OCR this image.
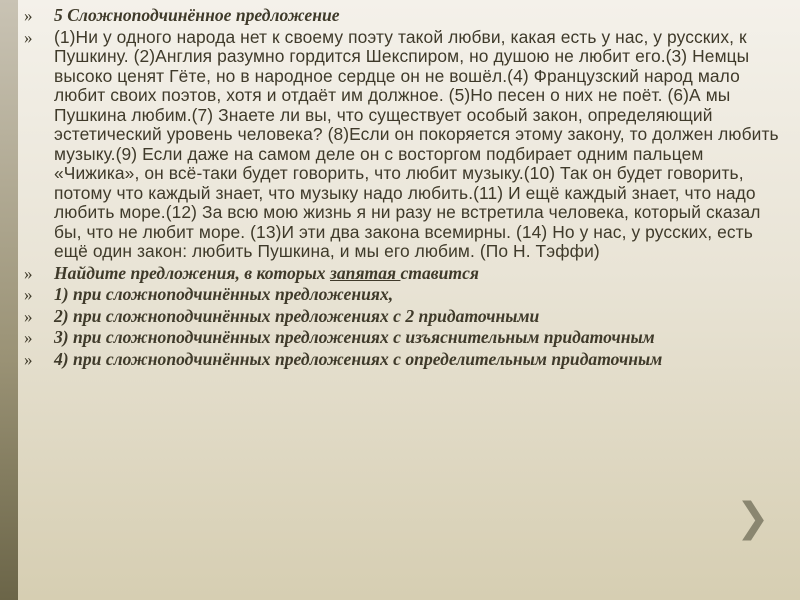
» 5 Сложноподчинённое предложение
» (1)Ни у одного народа нет к своему поэту такой любви, какая есть у нас, у русских, к Пушкину. (2)Англия разумно гордится Шекспиром, но душою не любит его.(3) Немцы высоко ценят Гёте, но в народное сердце он не вошёл.(4) Французский народ мало любит своих поэтов, хотя и отдаёт им должное. (5)Но песен о них не поёт. (6)А мы Пушкина любим.(7) Знаете ли вы, что существует особый закон, определяющий эстетический уровень человека? (8)Если он покоряется этому закону, то должен любить музыку.(9) Если даже на самом деле он с восторгом подбирает одним пальцем «Чижика», он всё-таки будет говорить, что любит музыку.(10) Так он будет говорить, потому что каждый знает, что музыку надо любить.(11) И ещё каждый знает, что надо любить море.(12) За всю мою жизнь я ни разу не встретила человека, который сказал бы, что не любит море. (13)И эти два закона всемирны. (14) Но у нас, у русских, есть ещё один закон: любить Пушкина, и мы его любим. (По Н. Тэффи)
» Найдите предложения, в которых запятая ставится
» 1) при сложноподчинённых предложениях,
» 2) при сложноподчинённых предложениях с 2 придаточными
» 3) при сложноподчинённых предложениях с изъяснительным придаточным
» 4) при сложноподчинённых предложениях с определительным придаточным
❯
